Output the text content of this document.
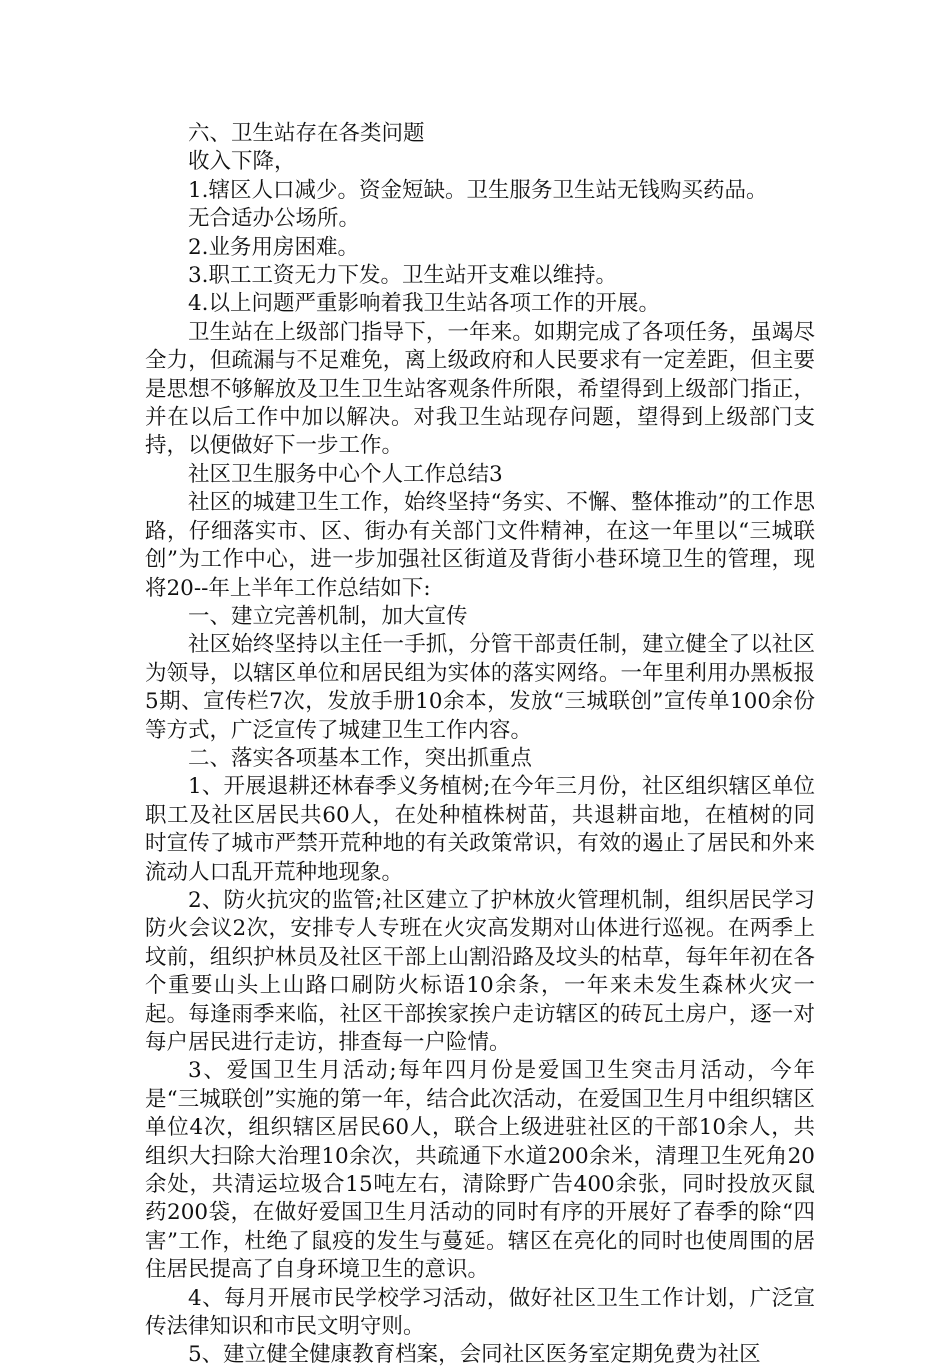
六、卫生站存在各类问题

收入下降，

1.辖区人口减少。资金短缺。卫生服务卫生站无钱购买药品。

无合适办公场所。

2.业务用房困难。

3.职工工资无力下发。卫生站开支难以维持。

4.以上问题严重影响着我卫生站各项工作的开展。

卫生站在上级部门指导下，一年来。如期完成了各项任务，虽竭尽全力，但疏漏与不足难免，离上级政府和人民要求有一定差距，但主要是思想不够解放及卫生卫生站客观条件所限，希望得到上级部门指正，并在以后工作中加以解决。对我卫生站现存问题，望得到上级部门支持，以便做好下一步工作。

社区卫生服务中心个人工作总结3

社区的城建卫生工作，始终坚持“务实、不懈、整体推动”的工作思路，仔细落实市、区、街办有关部门文件精神，在这一年里以“三城联创”为工作中心，进一步加强社区街道及背街小巷环境卫生的管理，现将20--年上半年工作总结如下:

一、建立完善机制，加大宣传

社区始终坚持以主任一手抓，分管干部责任制，建立健全了以社区为领导，以辖区单位和居民组为实体的落实网络。一年里利用办黑板报5期、宣传栏7次，发放手册10余本，发放“三城联创”宣传单100余份等方式，广泛宣传了城建卫生工作内容。

二、落实各项基本工作，突出抓重点

1、开展退耕还林春季义务植树;在今年三月份，社区组织辖区单位职工及社区居民共60人，在处种植株树苗，共退耕亩地，在植树的同时宣传了城市严禁开荒种地的有关政策常识，有效的遏止了居民和外来流动人口乱开荒种地现象。

2、防火抗灾的监管;社区建立了护林放火管理机制，组织居民学习防火会议2次，安排专人专班在火灾高发期对山体进行巡视。在两季上坟前，组织护林员及社区干部上山割沿路及坟头的枯草，每年年初在各个重要山头上山路口刷防火标语10余条，一年来未发生森林火灾一起。每逢雨季来临，社区干部挨家挨户走访辖区的砖瓦土房户，逐一对每户居民进行走访，排查每一户险情。

3、爱国卫生月活动;每年四月份是爱国卫生突击月活动，今年是“三城联创”实施的第一年，结合此次活动，在爱国卫生月中组织辖区单位4次，组织辖区居民60人，联合上级进驻社区的干部10余人，共组织大扫除大治理10余次，共疏通下水道200余米，清理卫生死角20余处，共清运垃圾合15吨左右，清除野广告400余张，同时投放灭鼠药200袋，在做好爱国卫生月活动的同时有序的开展好了春季的除“四害”工作，杜绝了鼠疫的发生与蔓延。辖区在亮化的同时也使周围的居住居民提高了自身环境卫生的意识。

4、每月开展市民学校学习活动，做好社区卫生工作计划，广泛宣传法律知识和市民文明守则。

5、建立健全健康教育档案，会同社区医务室定期免费为社区
